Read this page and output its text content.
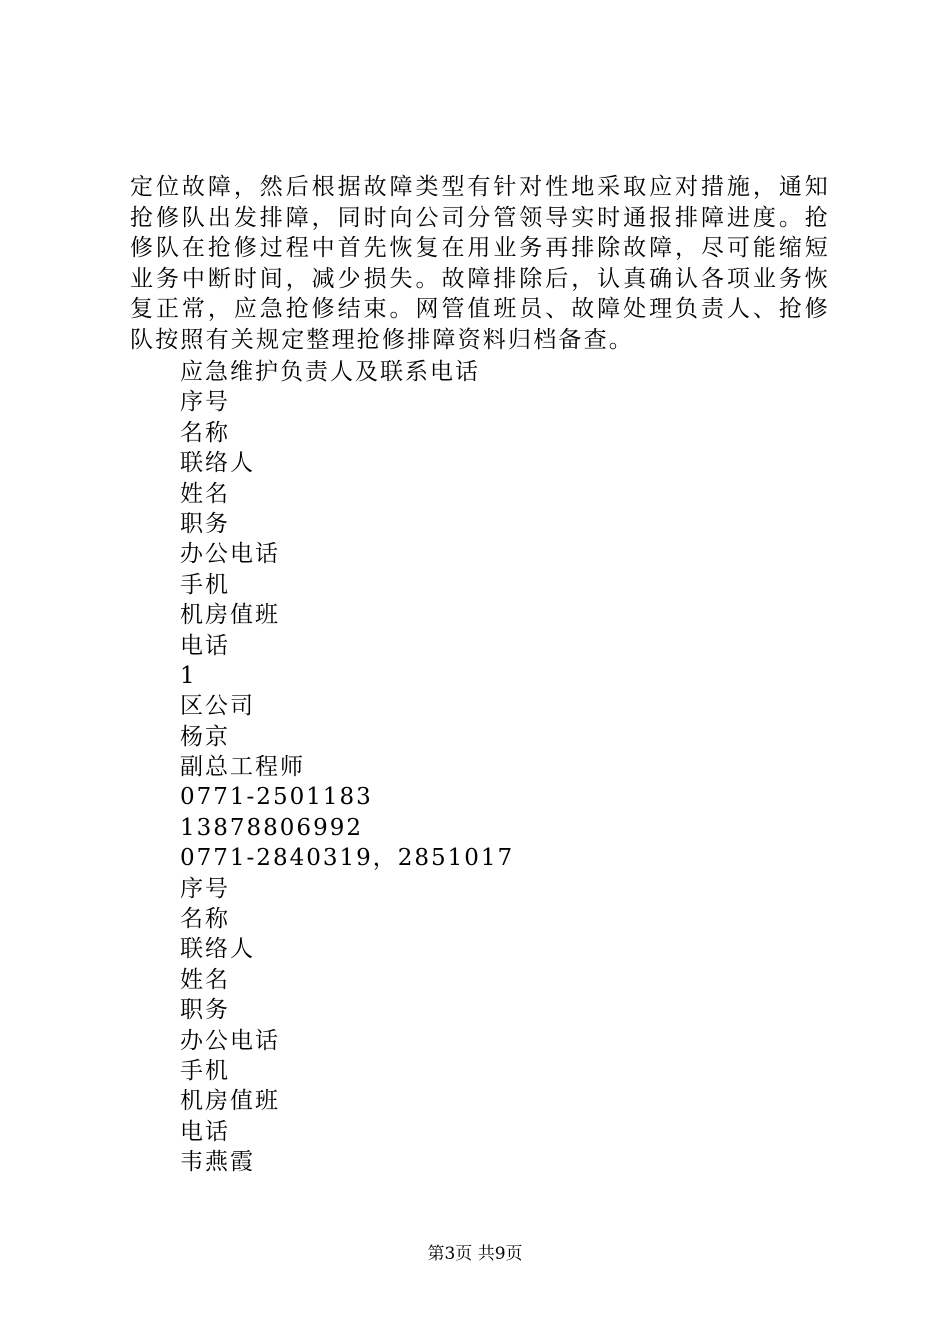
定位故障，然后根据故障类型有针对性地采取应对措施，通知抢修队出发排障，同时向公司分管领导实时通报排障进度。抢修队在抢修过程中首先恢复在用业务再排除故障，尽可能缩短业务中断时间，减少损失。故障排除后，认真确认各项业务恢复正常，应急抢修结束。网管值班员、故障处理负责人、抢修队按照有关规定整理抢修排障资料归档备查。

应急维护负责人及联系电话
序号
名称
联络人
姓名
职务
办公电话
手机
机房值班
电话
1
区公司
杨京
副总工程师
0771-2501183
13878806992
0771-2840319，2851017
序号
名称
联络人
姓名
职务
办公电话
手机
机房值班
电话
韦燕霞
第3页 共9页
